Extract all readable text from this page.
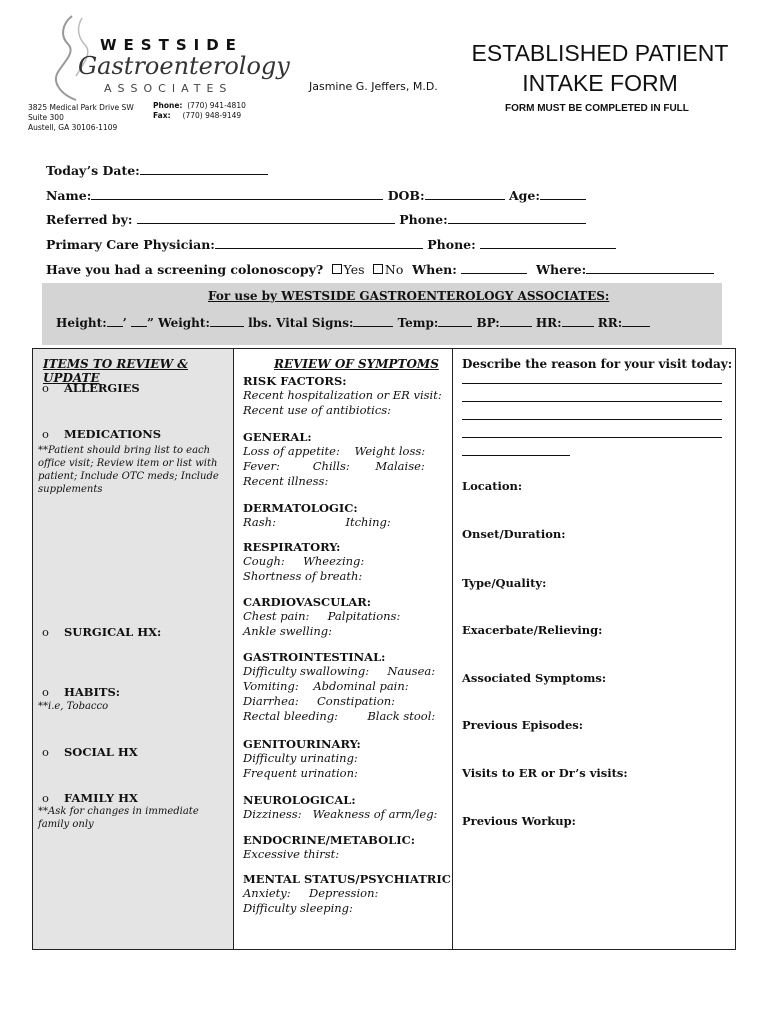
WESTSIDE
Gastroenterology
ASSOCIATES
3825 Medical Park Drive SW
Suite 300
Austell, GA 30106-1109
Phone: (770) 941-4810
Fax: (770) 948-9149
Jasmine G. Jeffers, M.D.
ESTABLISHED PATIENT
INTAKE FORM
FORM MUST BE COMPLETED IN FULL
Today’s Date:
Name:	DOB:	Age:
Referred by:	Phone:
Primary Care Physician:	Phone:
Have you had a screening colonoscopy? Yes No When:	Where:
For use by WESTSIDE GASTROENTEROLOGY ASSOCIATES:
Height: ’ ” Weight:	lbs. Vital Signs:	Temp:	BP:	HR:	RR:
ITEMS TO REVIEW & UPDATE
o ALLERGIES
o MEDICATIONS
**Patient should bring list to each office visit; Review item or list with patient; Include OTC meds; Include supplements
o SURGICAL HX:
o HABITS:
**i.e, Tobacco
o SOCIAL HX
o FAMILY HX
**Ask for changes in immediate family only
REVIEW OF SYMPTOMS
RISK FACTORS:
Recent hospitalization or ER visit:
Recent use of antibiotics:
GENERAL:
Loss of appetite: Weight loss:
Fever:	Chills: Malaise:
Recent illness:
DERMATOLOGIC:
Rash:	Itching:
RESPIRATORY:
Cough: Wheezing:
Shortness of breath:
CARDIOVASCULAR:
Chest pain: Palpitations:
Ankle swelling:
GASTROINTESTINAL:
Difficulty swallowing: Nausea:
Vomiting: Abdominal pain:
Diarrhea: Constipation:
Rectal bleeding:	Black stool:
GENITOURINARY:
Difficulty urinating:
Frequent urination:
NEUROLOGICAL:
Dizziness: Weakness of arm/leg:
ENDOCRINE/METABOLIC:
Excessive thirst:
MENTAL STATUS/PSYCHIATRIC
Anxiety: Depression:
Difficulty sleeping:
Describe the reason for your visit today:
Location:
Onset/Duration:
Type/Quality:
Exacerbate/Relieving:
Associated Symptoms:
Previous Episodes:
Visits to ER or Dr’s visits:
Previous Workup:
